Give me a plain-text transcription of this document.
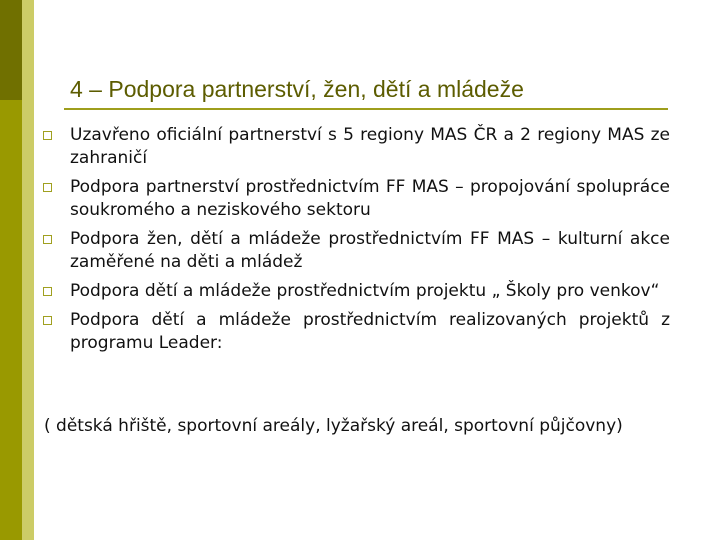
4 – Podpora partnerství, žen, dětí a mládeže
Uzavřeno oficiální partnerství s 5 regiony MAS ČR a 2 regiony MAS ze zahraničí
Podpora partnerství prostřednictvím FF MAS – propojování spolupráce soukromého a neziskového sektoru
Podpora žen, dětí a mládeže prostřednictvím FF MAS – kulturní akce zaměřené na děti a mládež
Podpora dětí a mládeže prostřednictvím projektu „ Školy pro venkov“
Podpora dětí a mládeže prostřednictvím realizovaných projektů z programu Leader:

( dětská hřiště, sportovní areály, lyžařský areál, sportovní půjčovny)
